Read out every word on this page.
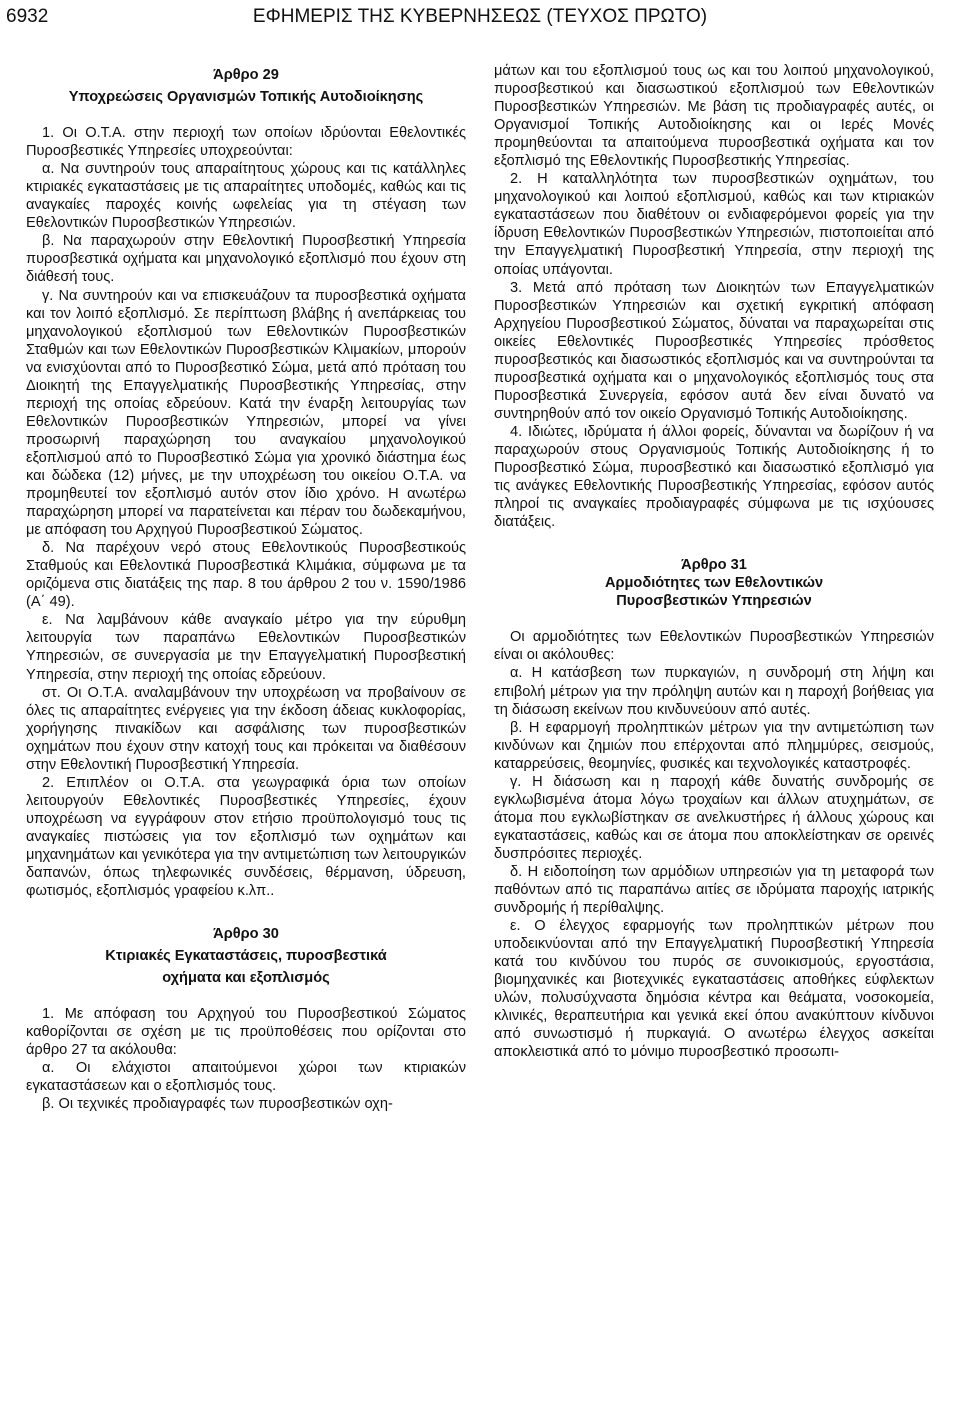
ΕΦΗΜΕΡΙΣ ΤΗΣ ΚΥΒΕΡΝΗΣΕΩΣ (ΤΕΥΧΟΣ ΠΡΩΤΟ)
6932
Άρθρο 29
Υποχρεώσεις Οργανισμών Τοπικής Αυτοδιοίκησης

1. Οι Ο.Τ.Α. στην περιοχή των οποίων ιδρύονται Εθελοντικές Πυροσβεστικές Υπηρεσίες υποχρεούνται:

α. Να συντηρούν τους απαραίτητους χώρους και τις κατάλληλες κτιριακές εγκαταστάσεις με τις απαραίτητες υποδομές, καθώς και τις αναγκαίες παροχές κοινής ωφελείας για τη στέγαση των Εθελοντικών Πυροσβεστικών Υπηρεσιών.

β. Να παραχωρούν στην Εθελοντική Πυροσβεστική Υπηρεσία πυροσβεστικά οχήματα και μηχανολογικό εξοπλισμό που έχουν στη διάθεσή τους.

γ. Να συντηρούν και να επισκευάζουν τα πυροσβεστικά οχήματα και τον λοιπό εξοπλισμό. Σε περίπτωση βλάβης ή ανεπάρκειας του μηχανολογικού εξοπλισμού των Εθελοντικών Πυροσβεστικών Σταθμών και των Εθελοντικών Πυροσβεστικών Κλιμακίων, μπορούν να ενισχύονται από το Πυροσβεστικό Σώμα, μετά από πρόταση του Διοικητή της Επαγγελματικής Πυροσβεστικής Υπηρεσίας, στην περιοχή της οποίας εδρεύουν. Κατά την έναρξη λειτουργίας των Εθελοντικών Πυροσβεστικών Υπηρεσιών, μπορεί να γίνει προσωρινή παραχώρηση του αναγκαίου μηχανολογικού εξοπλισμού από το Πυροσβεστικό Σώμα για χρονικό διάστημα έως και δώδεκα (12) μήνες, με την υποχρέωση του οικείου Ο.Τ.Α. να προμηθευτεί τον εξοπλισμό αυτόν στον ίδιο χρόνο. Η ανωτέρω παραχώρηση μπορεί να παρατείνεται και πέραν του δωδεκαμήνου, με απόφαση του Αρχηγού Πυροσβεστικού Σώματος.

δ. Να παρέχουν νερό στους Εθελοντικούς Πυροσβεστικούς Σταθμούς και Εθελοντικά Πυροσβεστικά Κλιμάκια, σύμφωνα με τα οριζόμενα στις διατάξεις της παρ. 8 του άρθρου 2 του ν. 1590/1986 (Α΄ 49).

ε. Να λαμβάνουν κάθε αναγκαίο μέτρο για την εύρυθμη λειτουργία των παραπάνω Εθελοντικών Πυροσβεστικών Υπηρεσιών, σε συνεργασία με την Επαγγελματική Πυροσβεστική Υπηρεσία, στην περιοχή της οποίας εδρεύουν.

στ. Οι Ο.Τ.Α. αναλαμβάνουν την υποχρέωση να προβαίνουν σε όλες τις απαραίτητες ενέργειες για την έκδοση άδειας κυκλοφορίας, χορήγησης πινακίδων και ασφάλισης των πυροσβεστικών οχημάτων που έχουν στην κατοχή τους και πρόκειται να διαθέσουν στην Εθελοντική Πυροσβεστική Υπηρεσία.

2. Επιπλέον οι Ο.Τ.Α. στα γεωγραφικά όρια των οποίων λειτουργούν Εθελοντικές Πυροσβεστικές Υπηρεσίες, έχουν υποχρέωση να εγγράφουν στον ετήσιο προϋπολογισμό τους τις αναγκαίες πιστώσεις για τον εξοπλισμό των οχημάτων και μηχανημάτων και γενικότερα για την αντιμετώπιση των λειτουργικών δαπανών, όπως τηλεφωνικές συνδέσεις, θέρμανση, ύδρευση, φωτισμός, εξοπλισμός γραφείου κ.λπ..

Άρθρο 30
Κτιριακές Εγκαταστάσεις, πυροσβεστικά
οχήματα και εξοπλισμός

1. Με απόφαση του Αρχηγού του Πυροσβεστικού Σώματος καθορίζονται σε σχέση με τις προϋποθέσεις που ορίζονται στο άρθρο 27 τα ακόλουθα:

α. Οι ελάχιστοι απαιτούμενοι χώροι των κτιριακών εγκαταστάσεων και ο εξοπλισμός τους.

β. Οι τεχνικές προδιαγραφές των πυροσβεστικών οχη-

μάτων και του εξοπλισμού τους ως και του λοιπού μηχανολογικού, πυροσβεστικού και διασωστικού εξοπλισμού των Εθελοντικών Πυροσβεστικών Υπηρεσιών. Με βάση τις προδιαγραφές αυτές, οι Οργανισμοί Τοπικής Αυτοδιοίκησης και οι Ιερές Μονές προμηθεύονται τα απαιτούμενα πυροσβεστικά οχήματα και τον εξοπλισμό της Εθελοντικής Πυροσβεστικής Υπηρεσίας.

2. Η καταλληλότητα των πυροσβεστικών οχημάτων, του μηχανολογικού και λοιπού εξοπλισμού, καθώς και των κτιριακών εγκαταστάσεων που διαθέτουν οι ενδιαφερόμενοι φορείς για την ίδρυση Εθελοντικών Πυροσβεστικών Υπηρεσιών, πιστοποιείται από την Επαγγελματική Πυροσβεστική Υπηρεσία, στην περιοχή της οποίας υπάγονται.

3. Μετά από πρόταση των Διοικητών των Επαγγελματικών Πυροσβεστικών Υπηρεσιών και σχετική εγκριτική απόφαση Αρχηγείου Πυροσβεστικού Σώματος, δύναται να παραχωρείται στις οικείες Εθελοντικές Πυροσβεστικές Υπηρεσίες πρόσθετος πυροσβεστικός και διασωστικός εξοπλισμός και να συντηρούνται τα πυροσβεστικά οχήματα και ο μηχανολογικός εξοπλισμός τους στα Πυροσβεστικά Συνεργεία, εφόσον αυτά δεν είναι δυνατό να συντηρηθούν από τον οικείο Οργανισμό Τοπικής Αυτοδιοίκησης.

4. Ιδιώτες, ιδρύματα ή άλλοι φορείς, δύνανται να δωρίζουν ή να παραχωρούν στους Οργανισμούς Τοπικής Αυτοδιοίκησης ή το Πυροσβεστικό Σώμα, πυροσβεστικό και διασωστικό εξοπλισμό για τις ανάγκες Εθελοντικής Πυροσβεστικής Υπηρεσίας, εφόσον αυτός πληροί τις αναγκαίες προδιαγραφές σύμφωνα με τις ισχύουσες διατάξεις.

Άρθρο 31
Αρμοδιότητες των Εθελοντικών
Πυροσβεστικών Υπηρεσιών

Οι αρμοδιότητες των Εθελοντικών Πυροσβεστικών Υπηρεσιών είναι οι ακόλουθες:

α. Η κατάσβεση των πυρκαγιών, η συνδρομή στη λήψη και επιβολή μέτρων για την πρόληψη αυτών και η παροχή βοήθειας για τη διάσωση εκείνων που κινδυνεύουν από αυτές.

β. Η εφαρμογή προληπτικών μέτρων για την αντιμετώπιση των κινδύνων και ζημιών που επέρχονται από πλημμύρες, σεισμούς, καταρρεύσεις, θεομηνίες, φυσικές και τεχνολογικές καταστροφές.

γ. Η διάσωση και η παροχή κάθε δυνατής συνδρομής σε εγκλωβισμένα άτομα λόγω τροχαίων και άλλων ατυχημάτων, σε άτομα που εγκλωβίστηκαν σε ανελκυστήρες ή άλλους χώρους και εγκαταστάσεις, καθώς και σε άτομα που αποκλείστηκαν σε ορεινές δυσπρόσιτες περιοχές.

δ. Η ειδοποίηση των αρμόδιων υπηρεσιών για τη μεταφορά των παθόντων από τις παραπάνω αιτίες σε ιδρύματα παροχής ιατρικής συνδρομής ή περίθαλψης.

ε. Ο έλεγχος εφαρμογής των προληπτικών μέτρων που υποδεικνύονται από την Επαγγελματική Πυροσβεστική Υπηρεσία κατά του κινδύνου του πυρός σε συνοικισμούς, εργοστάσια, βιομηχανικές και βιοτεχνικές εγκαταστάσεις αποθήκες εύφλεκτων υλών, πολυσύχναστα δημόσια κέντρα και θεάματα, νοσοκομεία, κλινικές, θεραπευτήρια και γενικά εκεί όπου ανακύπτουν κίνδυνοι από συνωστισμό ή πυρκαγιά. Ο ανωτέρω έλεγχος ασκείται αποκλειστικά από το μόνιμο πυροσβεστικό προσωπι-
